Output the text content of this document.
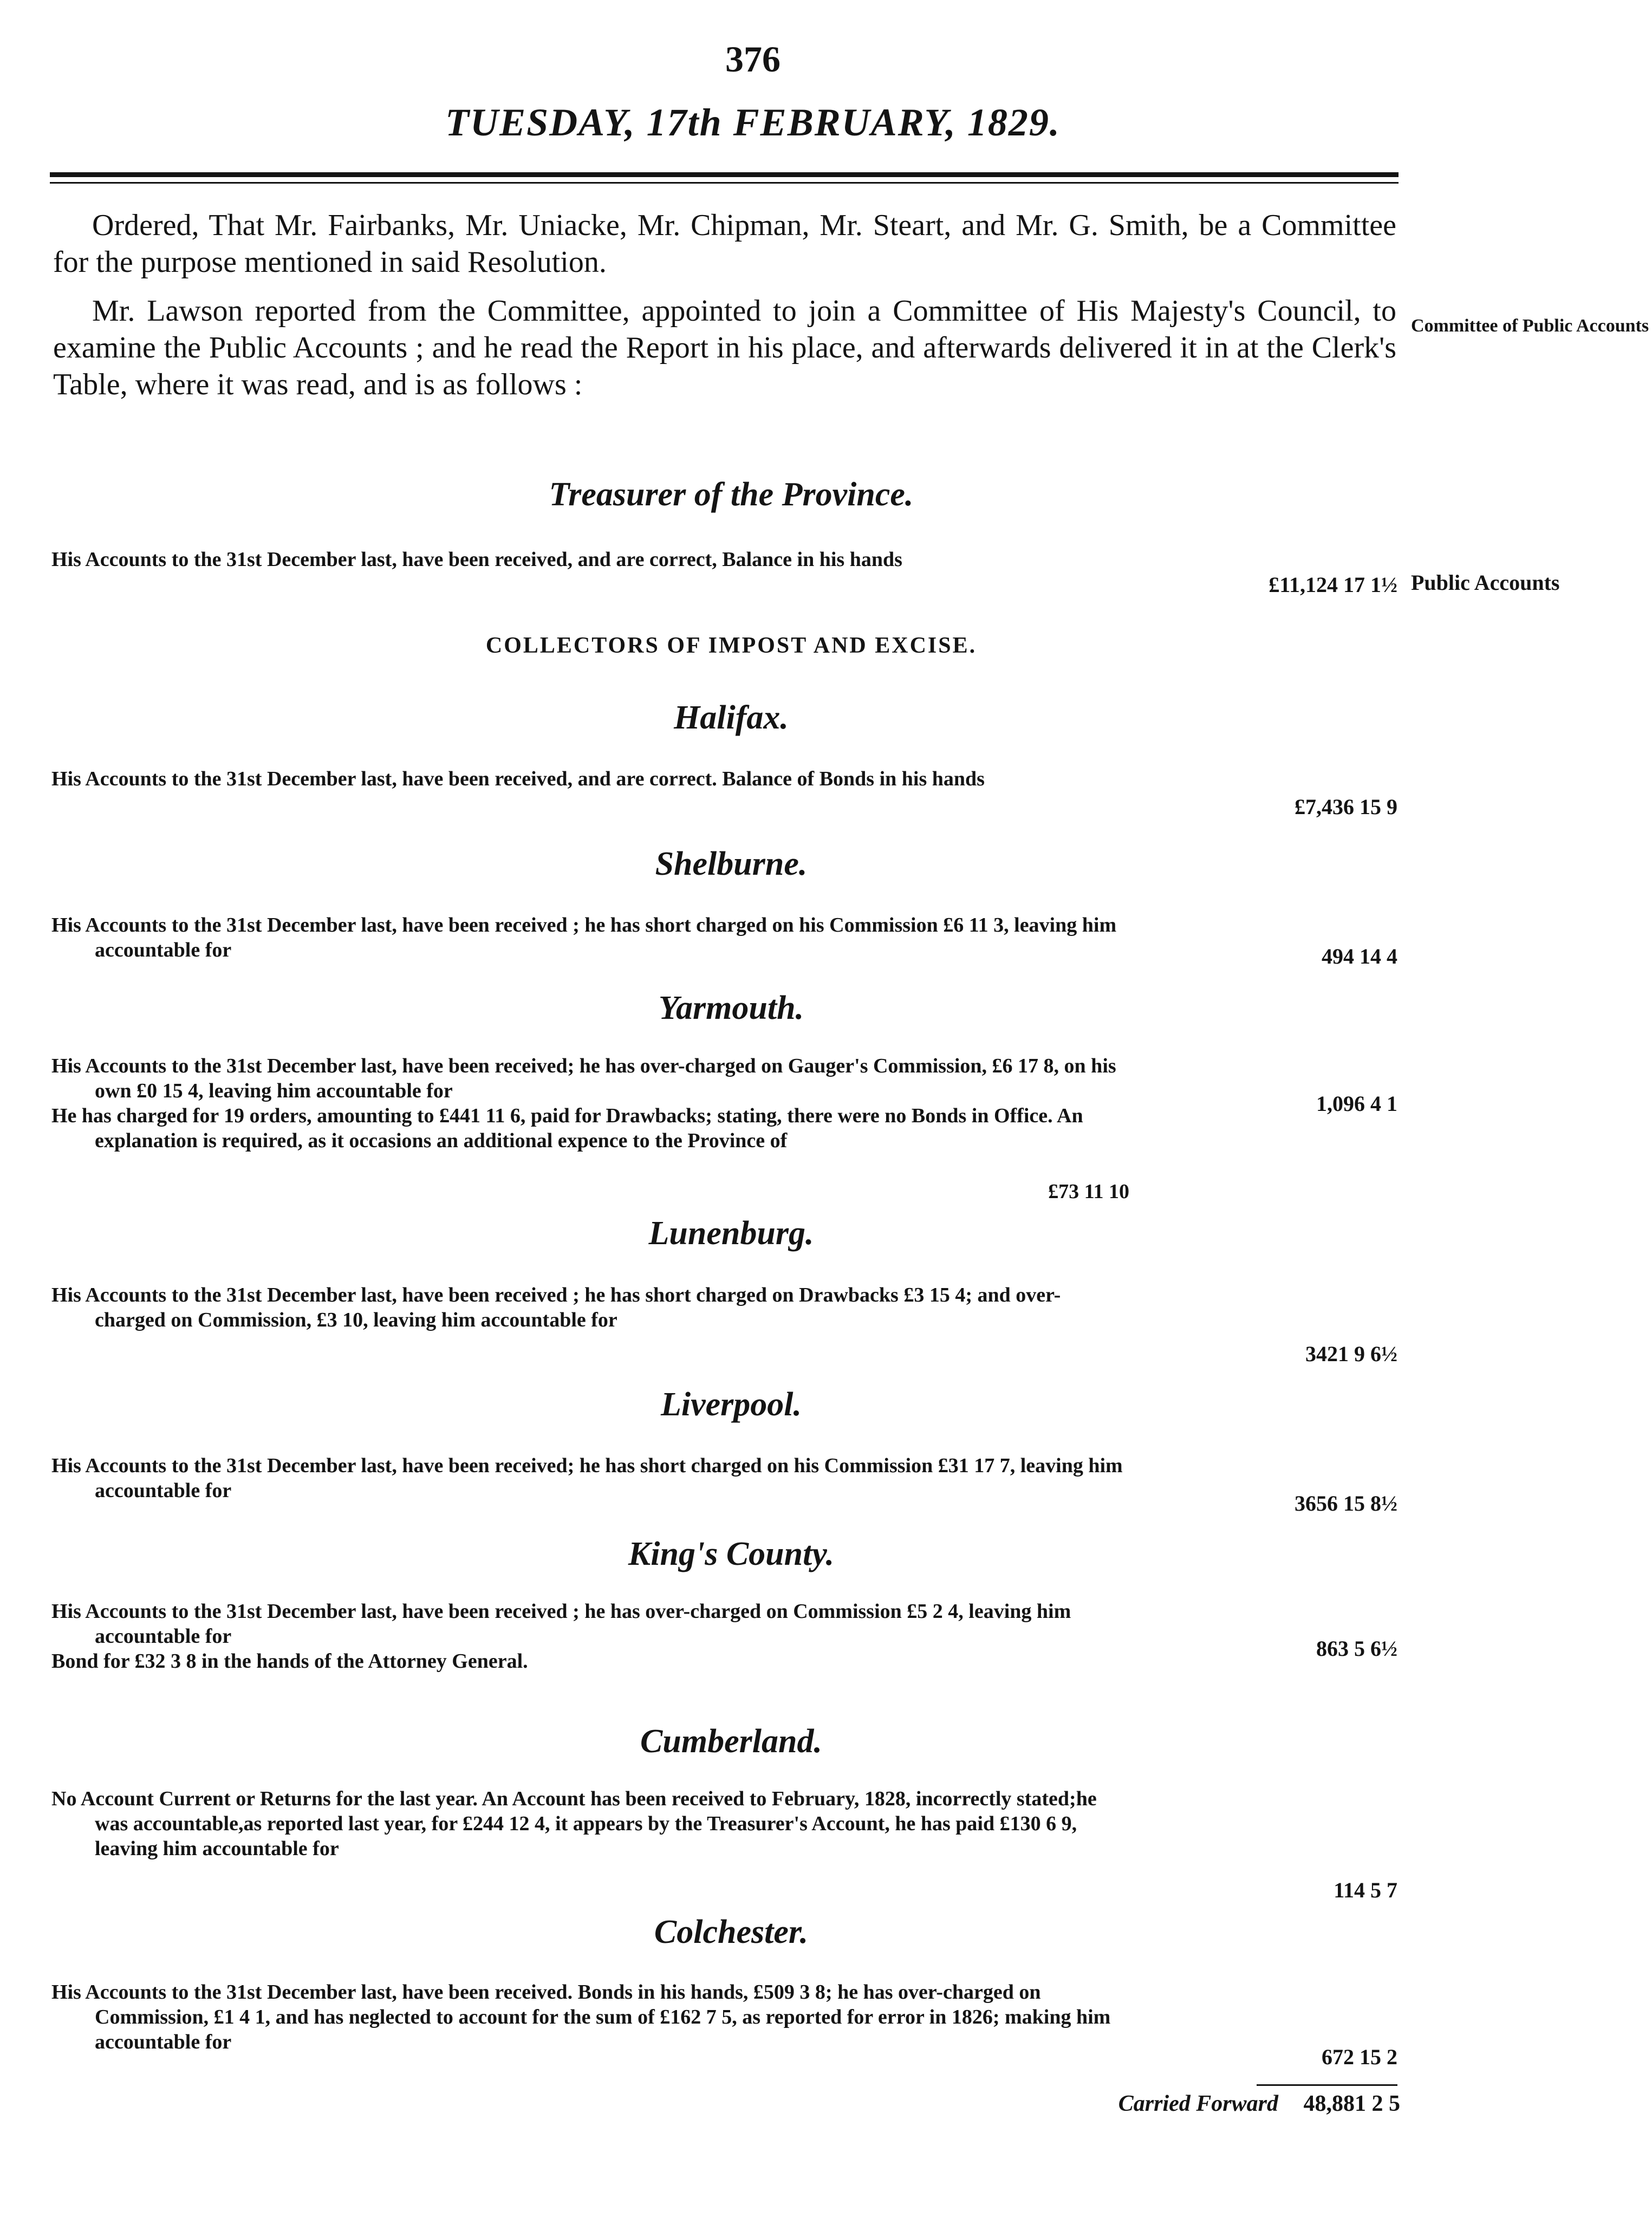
376
TUESDAY, 17th FEBRUARY, 1829.
Ordered, That Mr. Fairbanks, Mr. Uniacke, Mr. Chipman, Mr. Steart, and Mr. G. Smith, be a Committee for the purpose mentioned in said Resolution.
Mr. Lawson reported from the Committee, appointed to join a Committee of His Majesty's Council, to examine the Public Accounts ; and he read the Report in his place, and afterwards delivered it in at the Clerk's Table, where it was read, and is as follows :
Committee of Public Accounts
Treasurer of the Province.

His Accounts to the 31st December last, have been received, and are correct, Balance in his hands

£11,124 17 1½ Public Accounts
COLLECTORS OF IMPOST AND EXCISE.
Halifax.

His Accounts to the 31st December last, have been received, and are correct. Balance of Bonds in his hands

£7,436 15 9
Shelburne.

His Accounts to the 31st December last, have been received ; he has short charged on his Commission £6 11 3, leaving him accountable for	494 14 4
Yarmouth.

His Accounts to the 31st December last, have been received; he has over-charged on Gauger's Commission, £6 17 8, on his own £0 15 4, leaving him accountable for

He has charged for 19 orders, amounting to £441 11 6, paid for Drawbacks; stating, there were no Bonds in Office. An explanation is required, as it occasions an additional expence to the Province of

1,096 4 1
£73 11 10
Lunenburg.

His Accounts to the 31st December last, have been received ; he has short charged on Drawbacks £3 15 4; and over-charged on Commission, £3 10, leaving him accountable for

3421 9 6½
Liverpool.

His Accounts to the 31st December last, have been received; he has short charged on his Commission £31 17 7, leaving him accountable for

3656 15 8½
King's County.

His Accounts to the 31st December last, have been received ; he has over-charged on Commission £5 2 4, leaving him accountable for

Bond for £32 3 8 in the hands of the Attorney General.

863 5 6½
Cumberland.

No Account Current or Returns for the last year. An Account has been received to February, 1828, incorrectly stated;he was accountable,as reported last year, for £244 12 4, it appears by the Treasurer's Account, he has paid £130 6 9, leaving him accountable for

114 5 7
Colchester.

His Accounts to the 31st December last, have been received. Bonds in his hands, £509 3 8; he has over-charged on Commission, £1 4 1, and has neglected to account for the sum of £162 7 5, as reported for error in 1826; making him accountable for

672 15 2
Carried Forward	48,881 2 5
